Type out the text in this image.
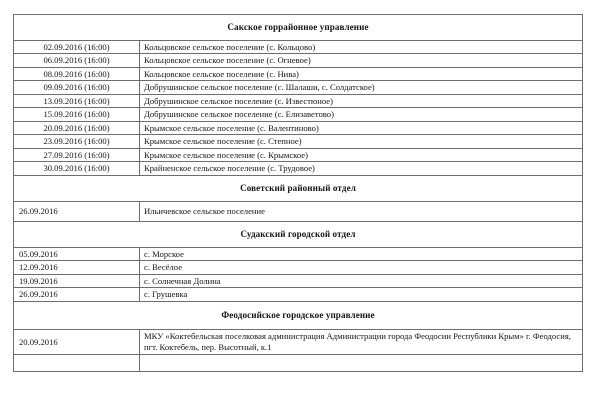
Сакское горрайонное управление	
02.09.2016 (16:00)	Кольцовское сельское поселение (с. Кольцово)
06.09.2016 (16:00)	Кольцовское сельское поселение (с. Огневое)
08.09.2016 (16:00)	Кольцовское сельское поселение (с. Нива)
09.09.2016 (16:00)	Добрушинское сельское поселение (с. Шалаши, с. Солдатское)
13.09.2016 (16:00)	Добрушинское сельское поселение (с. Известюное)
15.09.2016 (16:00)	Добрушинское сельское поселение (с. Елизаветово)
20.09.2016 (16:00)	Крымское сельское поселение (с. Валентиново)
23.09.2016 (16:00)	Крымское сельское поселение (с. Степное)
27.09.2016 (16:00)	Крымское сельское поселение (с. Крымское)
30.09.2016 (16:00)	Крайненское сельское поселение (с. Трудовое)
Советский районный отдел	
26.09.2016	Ильичевское сельское поселение
Судакский городской отдел	
05.09.2016	с. Морское
12.09.2016	с. Весёлое
19.09.2016	с. Солнечная Долина
26.09.2016	с. Грушевка
Феодосийское городское управление	
20.09.2016	МКУ «Коктебельская поселковая администрация Администрации города Феодосии Республики Крым» г. Феодосия, пгт. Коктебель, пер. Высотный, к.1
